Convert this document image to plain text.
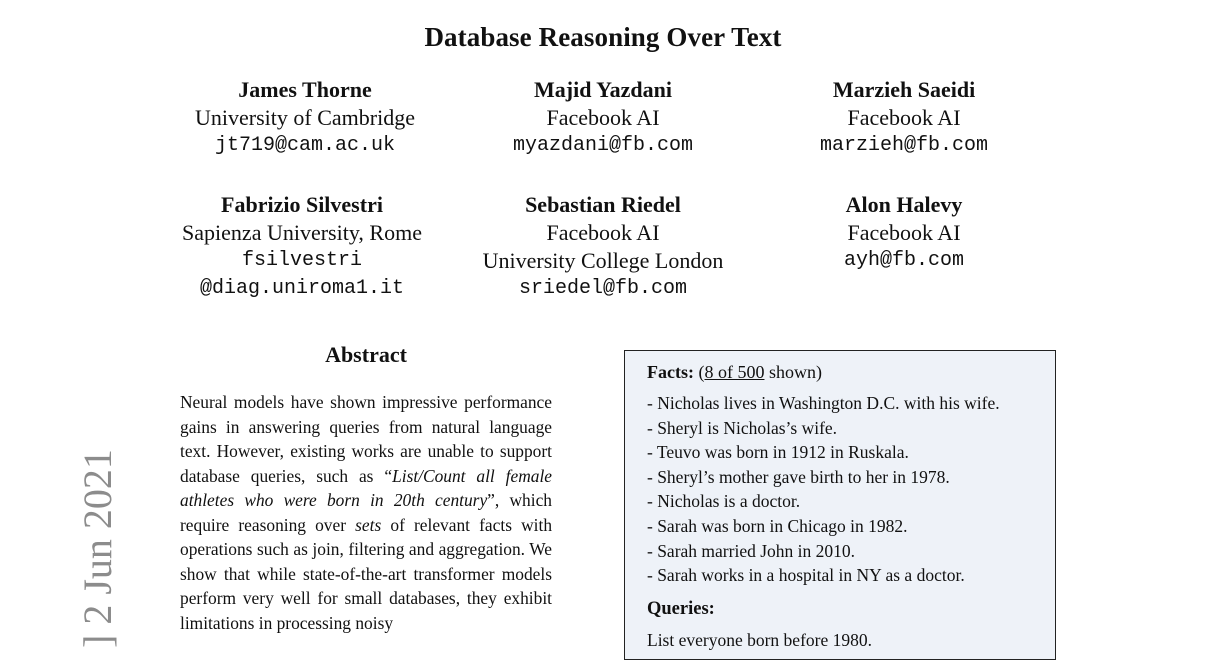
Database Reasoning Over Text
James Thorne
University of Cambridge
jt719@cam.ac.uk
Majid Yazdani
Facebook AI
myazdani@fb.com
Marzieh Saeidi
Facebook AI
marzieh@fb.com
Fabrizio Silvestri
Sapienza University, Rome
fsilvestri
@diag.uniroma1.it
Sebastian Riedel
Facebook AI
University College London
sriedel@fb.com
Alon Halevy
Facebook AI
ayh@fb.com
] 2 Jun 2021
Abstract
Neural models have shown impressive performance gains in answering queries from natural language text. However, existing works are unable to support database queries, such as “List/Count all female athletes who were born in 20th century”, which require reasoning over sets of relevant facts with operations such as join, filtering and aggregation. We show that while state-of-the-art transformer models perform very well for small databases, they exhibit limitations in processing noisy
Facts: (8 of 500 shown)
- Nicholas lives in Washington D.C. with his wife.
- Sheryl is Nicholas’s wife.
- Teuvo was born in 1912 in Ruskala.
- Sheryl’s mother gave birth to her in 1978.
- Nicholas is a doctor.
- Sarah was born in Chicago in 1982.
- Sarah married John in 2010.
- Sarah works in a hospital in NY as a doctor.
Queries:
List everyone born before 1980.
